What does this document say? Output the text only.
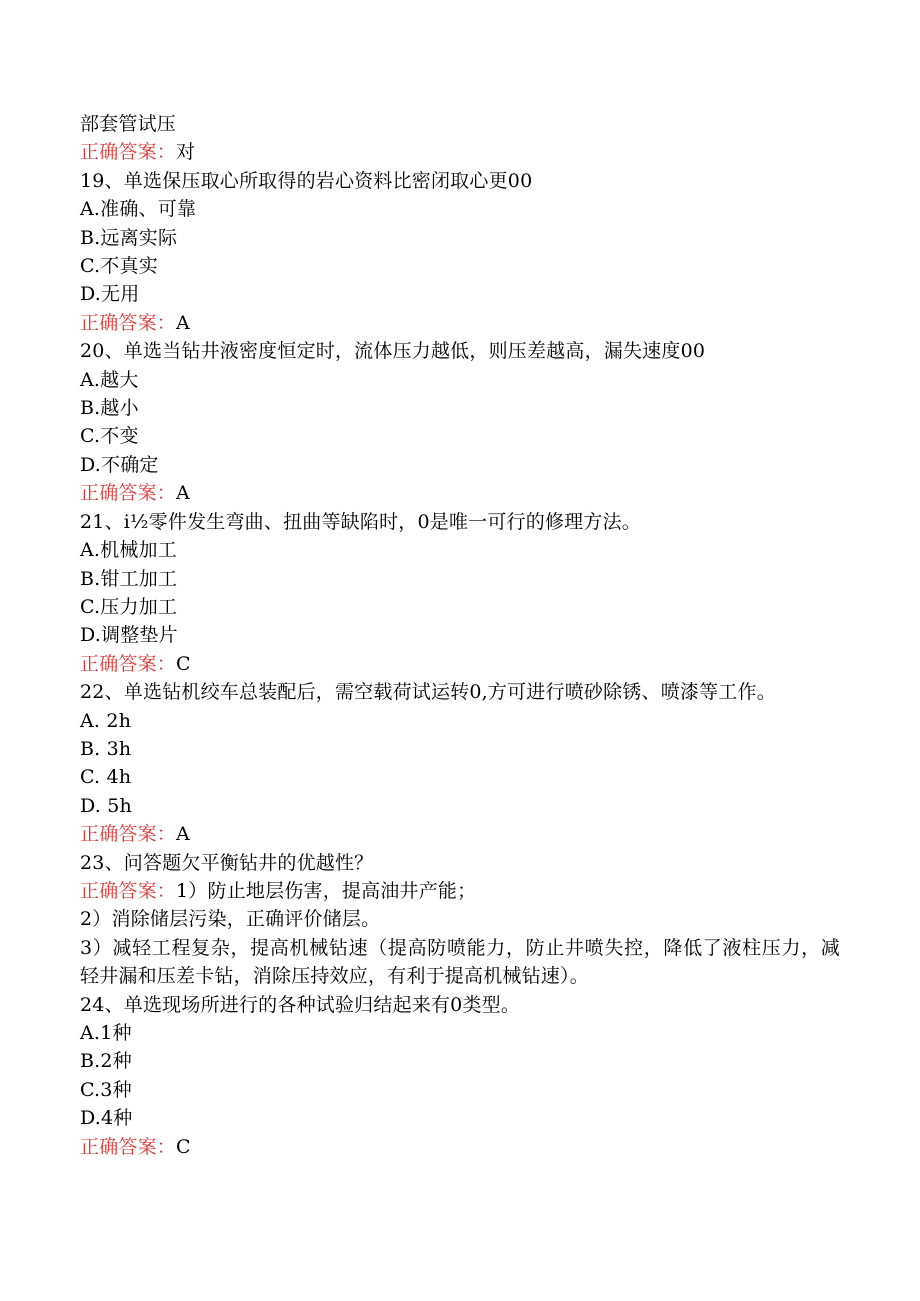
部套管试压
正确答案：对
19、单选保压取心所取得的岩心资料比密闭取心更00
A.准确、可靠
B.远离实际
C.不真实
D.无用
正确答案：A
20、单选当钻井液密度恒定时，流体压力越低，则压差越高，漏失速度00
A.越大
B.越小
C.不变
D.不确定
正确答案：A
21、i½零件发生弯曲、扭曲等缺陷时，0是唯一可行的修理方法。
A.机械加工
B.钳工加工
C.压力加工
D.调整垫片
正确答案：C
22、单选钻机绞车总装配后，需空载荷试运转0,方可进行喷砂除锈、喷漆等工作。
A. 2h
B. 3h
C. 4h
D. 5h
正确答案：A
23、问答题欠平衡钻井的优越性？
正确答案：1）防止地层伤害，提高油井产能；
2）消除储层污染，正确评价储层。
3）减轻工程复杂，提高机械钻速（提高防喷能力，防止井喷失控，降低了液柱压力，减轻井漏和压差卡钻，消除压持效应，有利于提高机械钻速）。
24、单选现场所进行的各种试验归结起来有0类型。
A.1种
B.2种
C.3种
D.4种
正确答案：C
